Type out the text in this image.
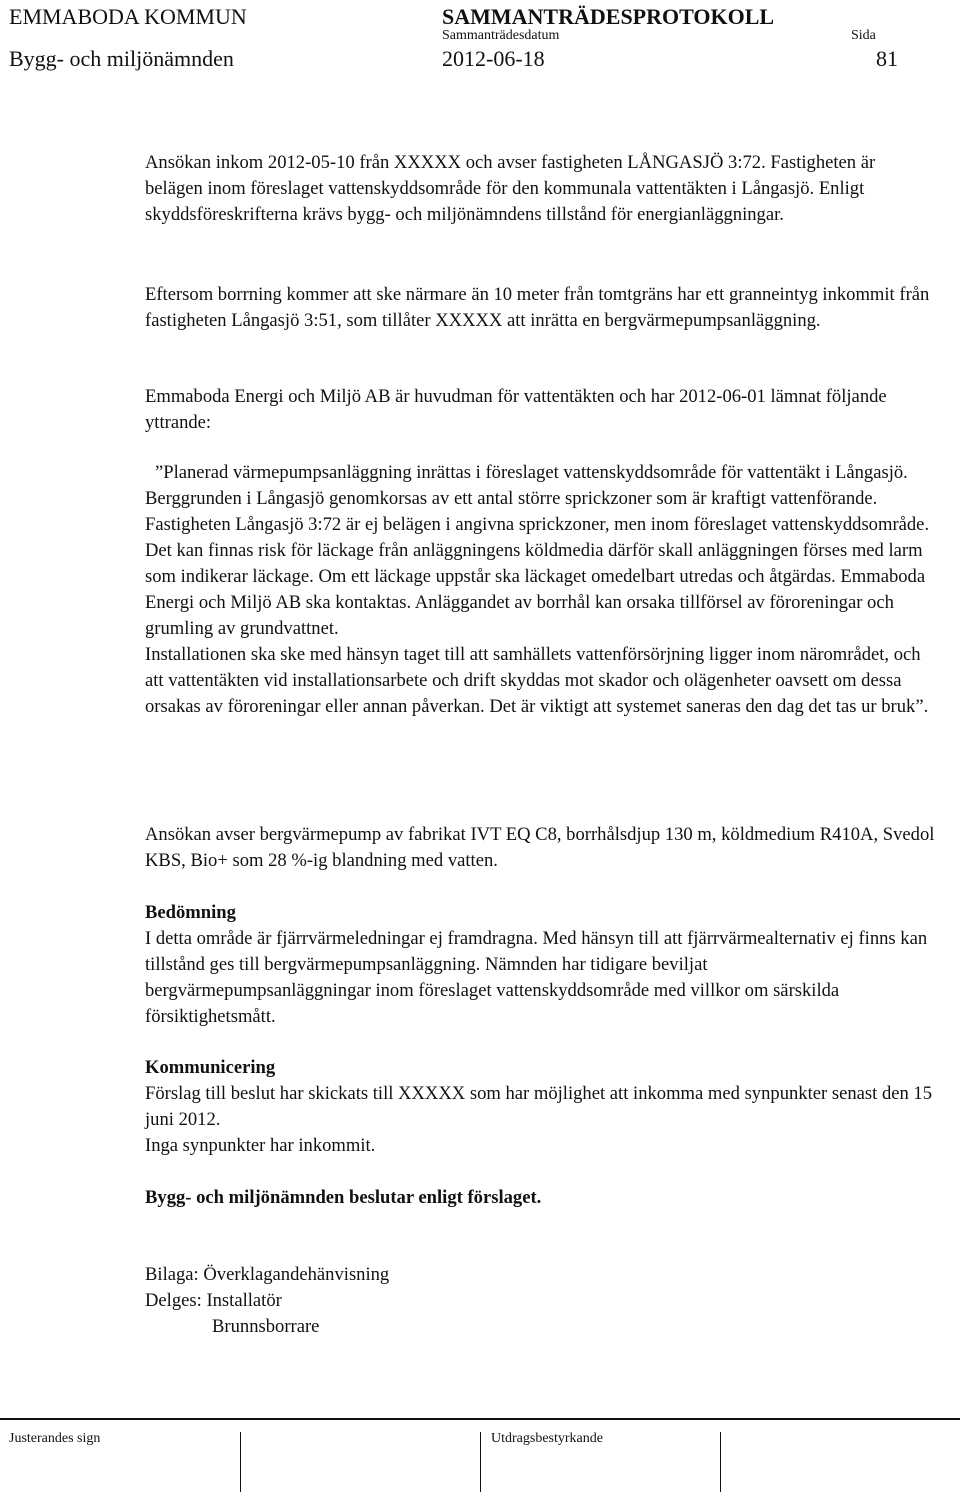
EMMABODA KOMMUN	SAMMANTRÄDESPROTOKOLL
Sammanträdesdatum	Sida
Bygg- och miljönämnden	2012-06-18	81

Ansökan inkom 2012-05-10 från XXXXX och avser fastigheten LÅNGASJÖ 3:72. Fastigheten är belägen inom föreslaget vattenskyddsområde för den kommunala vattentäkten i Långasjö. Enligt skyddsföreskrifterna krävs bygg- och miljönämndens tillstånd för energianläggningar.

Eftersom borrning kommer att ske närmare än 10 meter från tomtgräns har ett granneintyg inkommit från fastigheten Långasjö 3:51, som tillåter XXXXX att inrätta en bergvärmepumpsanläggning.

Emmaboda Energi och Miljö AB är huvudman för vattentäkten och har 2012-06-01 lämnat följande yttrande:

”Planerad värmepumpsanläggning inrättas i föreslaget vattenskyddsområde för vattentäkt i Långasjö.

Berggrunden i Långasjö genomkorsas av ett antal större sprickzoner som är kraftigt vattenförande. Fastigheten Långasjö 3:72 är ej belägen i angivna sprickzoner, men inom föreslaget vattenskyddsområde.

Det kan finnas risk för läckage från anläggningens köldmedia därför skall anläggningen förses med larm som indikerar läckage. Om ett läckage uppstår ska läckaget omedelbart utredas och åtgärdas. Emmaboda Energi och Miljö AB ska kontaktas. Anläggandet av borrhål kan orsaka tillförsel av föroreningar och grumling av grundvattnet.

Installationen ska ske med hänsyn taget till att samhällets vattenförsörjning ligger inom närområdet, och att vattentäkten vid installationsarbete och drift skyddas mot skador och olägenheter oavsett om dessa orsakas av föroreningar eller annan påverkan. Det är viktigt att systemet saneras den dag det tas ur bruk”.

Ansökan avser bergvärmepump av fabrikat IVT EQ C8, borrhålsdjup 130 m, köldmedium R410A, Svedol KBS, Bio+ som 28 %-ig blandning med vatten.

Bedömning

I detta område är fjärrvärmeledningar ej framdragna. Med hänsyn till att fjärrvärmealternativ ej finns kan tillstånd ges till bergvärmepumpsanläggning. Nämnden har tidigare beviljat bergvärmepumpsanläggningar inom föreslaget vattenskyddsområde med villkor om särskilda försiktighetsmått.

Kommunicering

Förslag till beslut har skickats till XXXXX som har möjlighet att inkomma med synpunkter senast den 15 juni 2012.

Inga synpunkter har inkommit.

Bygg- och miljönämnden beslutar enligt förslaget.

Bilaga: Överklagandehänvisning

Delges: Installatör

Brunnsborrare

Justerandes sign	Utdragsbestyrkande
